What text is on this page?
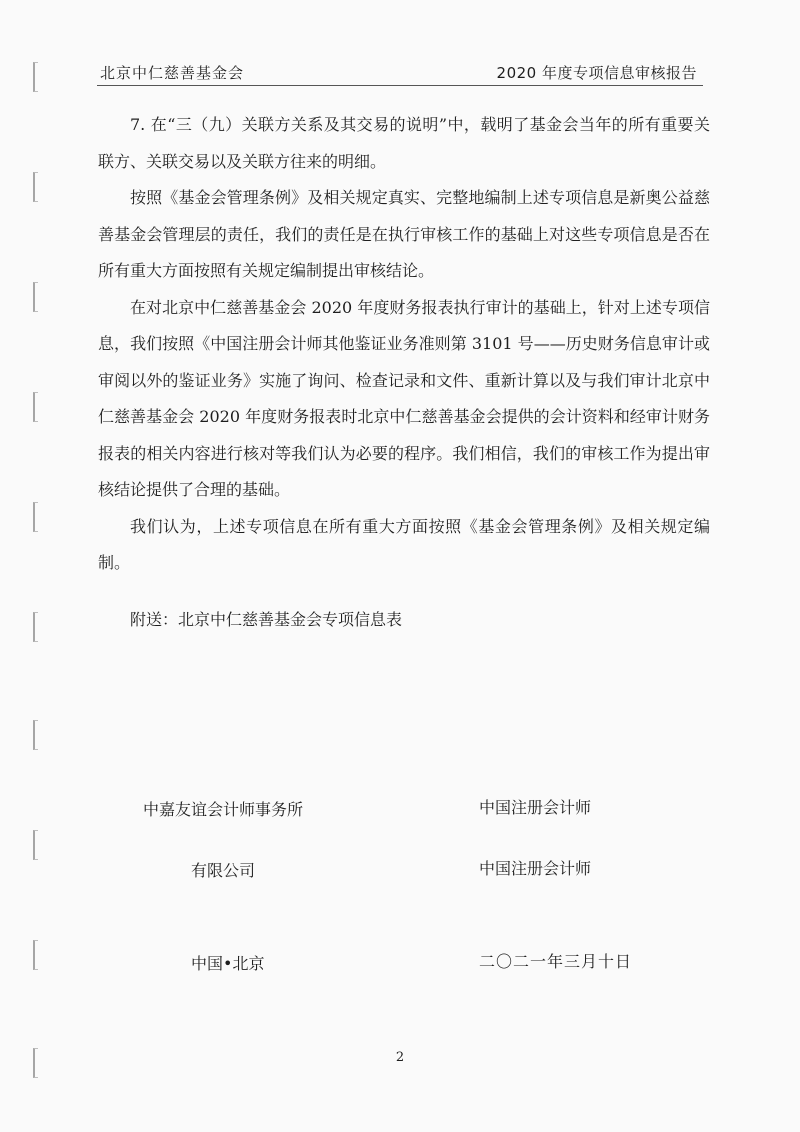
北京中仁慈善基金会	2020 年度专项信息审核报告

7. 在“三（九）关联方关系及其交易的说明”中，载明了基金会当年的所有重要关联方、关联交易以及关联方往来的明细。

按照《基金会管理条例》及相关规定真实、完整地编制上述专项信息是新奥公益慈善基金会管理层的责任，我们的责任是在执行审核工作的基础上对这些专项信息是否在所有重大方面按照有关规定编制提出审核结论。

在对北京中仁慈善基金会 2020 年度财务报表执行审计的基础上，针对上述专项信息，我们按照《中国注册会计师其他鉴证业务准则第 3101 号——历史财务信息审计或审阅以外的鉴证业务》实施了询问、检查记录和文件、重新计算以及与我们审计北京中仁慈善基金会 2020 年度财务报表时北京中仁慈善基金会提供的会计资料和经审计财务报表的相关内容进行核对等我们认为必要的程序。我们相信，我们的审核工作为提出审核结论提供了合理的基础。

我们认为，上述专项信息在所有重大方面按照《基金会管理条例》及相关规定编制。

附送：北京中仁慈善基金会专项信息表

中嘉友谊会计师事务所	中国注册会计师
有限公司	中国注册会计师
中国•北京	二〇二一年三月十日
2
